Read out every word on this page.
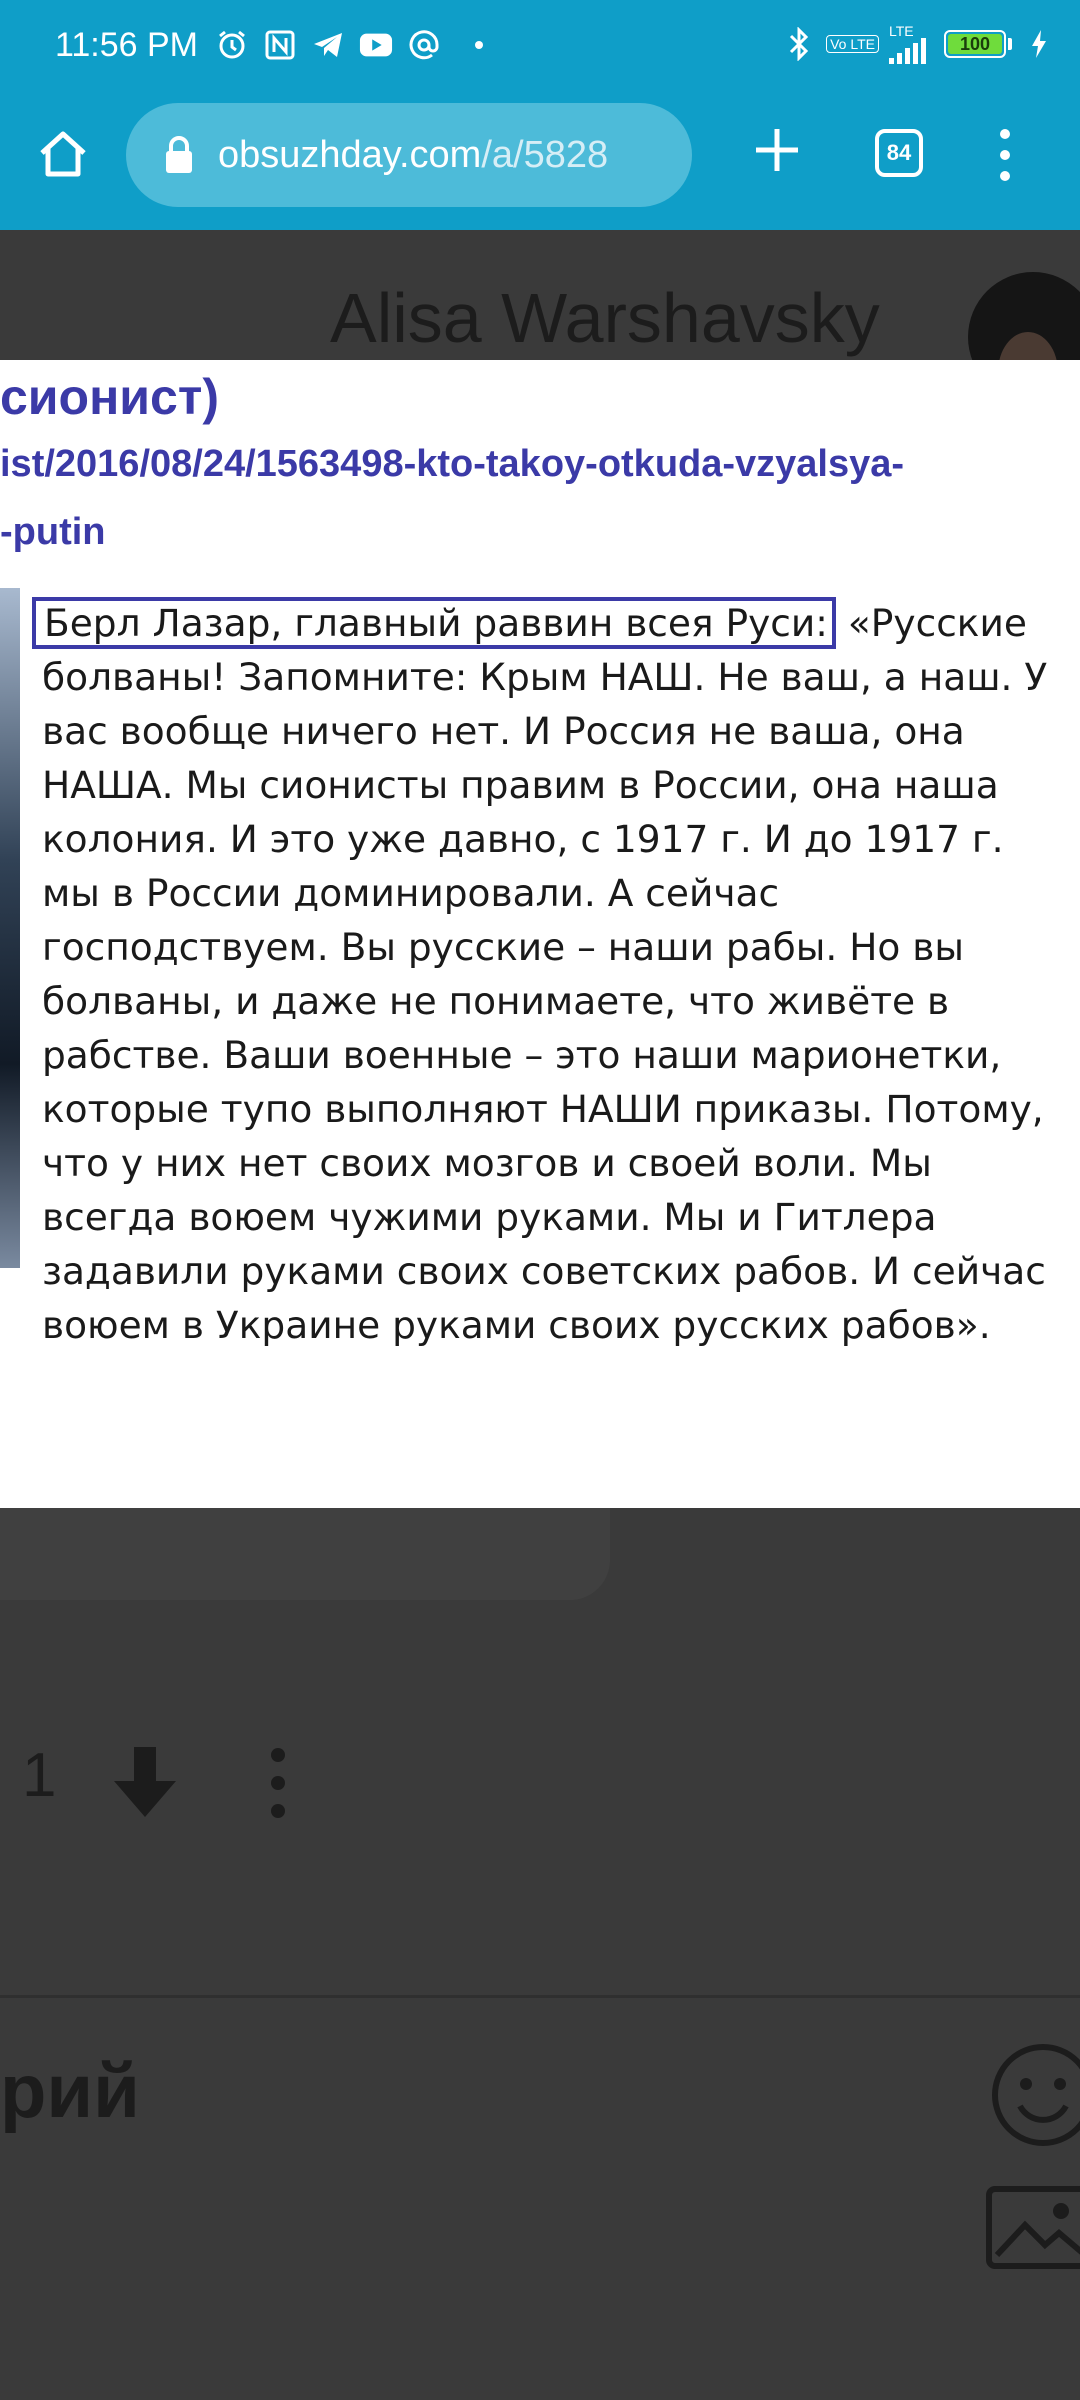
11:56 PM	Vo LTE
LTE
100
obsuzhday.com/a/5828	84
Alisa Warshavsky
1
рий
сионист)
ist/2016/08/24/1563498-kto-takoy-otkuda-vzyalsya-
-putin
Берл Лазар, главный раввин всея Руси: «Русские болваны! Запомните: Крым НАШ. Не ваш, а наш. У вас вообще ничего нет. И Россия не ваша, она НАША. Мы сионисты правим в России, она наша колония. И это уже давно, с 1917 г. И до 1917 г. мы в России доминировали. А сейчас господствуем. Вы русские – наши рабы. Но вы болваны, и даже не понимаете, что живёте в рабстве. Ваши военные – это наши марионетки, которые тупо выполняют НАШИ приказы. Потому, что у них нет своих мозгов и своей воли. Мы всегда воюем чужими руками. Мы и Гитлера задавили руками своих советских рабов. И сейчас воюем в Украине руками своих русских рабов».
